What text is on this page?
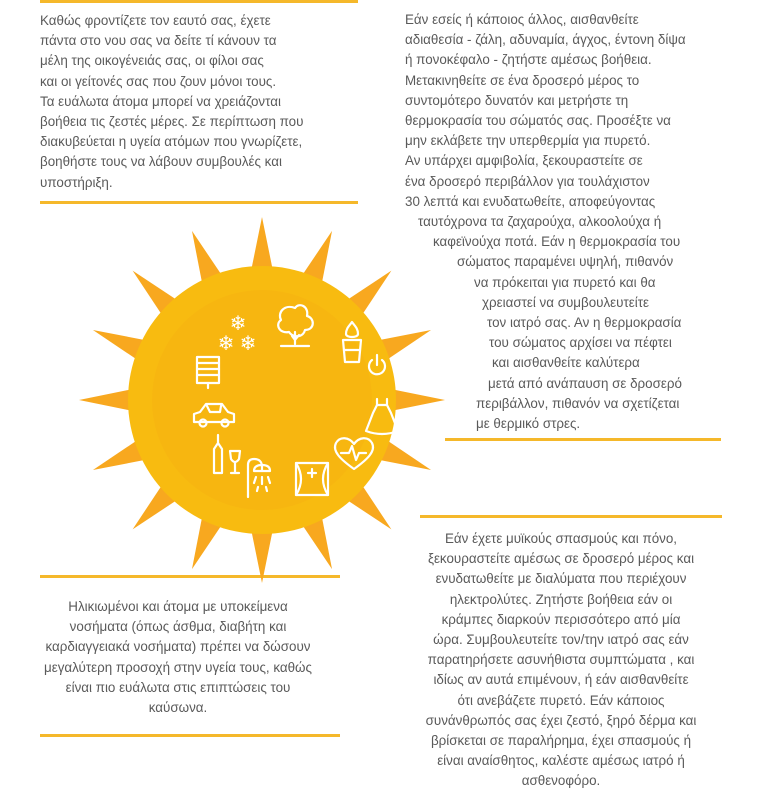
Καθώς φροντίζετε τον εαυτό σας, έχετε
πάντα στο νου σας να δείτε τί κάνουν τα
μέλη της οικογένειάς σας, οι φίλοι σας
και οι γείτονές σας που ζουν μόνοι τους.
Τα ευάλωτα άτομα μπορεί να χρειάζονται
βοήθεια τις ζεστές μέρες. Σε περίπτωση που
διακυβεύεται η υγεία ατόμων που γνωρίζετε,
βοηθήστε τους να λάβουν συμβουλές και
υποστήριξη.
Εάν εσείς ή κάποιος άλλος, αισθανθείτε
αδιαθεσία - ζάλη, αδυναμία, άγχος, έντονη δίψα
ή πονοκέφαλο - ζητήστε αμέσως βοήθεια.
Μετακινηθείτε σε ένα δροσερό μέρος το
συντομότερο δυνατόν και μετρήστε τη
θερμοκρασία του σώματός σας. Προσέξτε να
μην εκλάβετε την υπερθερμία για πυρετό.
Αν υπάρχει αμφιβολία, ξεκουραστείτε σε
ένα δροσερό περιβάλλον για τουλάχιστον
30 λεπτά και ενυδατωθείτε, αποφεύγοντας
ταυτόχρονα τα ζαχαρούχα, αλκοολούχα ή
καφεϊνούχα ποτά. Εάν η θερμοκρασία του
σώματος παραμένει υψηλή, πιθανόν
να πρόκειται για πυρετό και θα
χρειαστεί να συμβουλευτείτε
τον ιατρό σας. Αν η θερμοκρασία
του σώματος αρχίσει να πέφτει
και αισθανθείτε καλύτερα
μετά από ανάπαυση σε δροσερό
περιβάλλον, πιθανόν να σχετίζεται
με θερμικό στρες.
Ηλικιωμένοι και άτομα με υποκείμενα
νοσήματα (όπως άσθμα, διαβήτη και
καρδιαγγειακά νοσήματα) πρέπει να δώσουν
μεγαλύτερη προσοχή στην υγεία τους, καθώς
είναι πιο ευάλωτα στις επιπτώσεις του
καύσωνα.
Εάν έχετε μυϊκούς σπασμούς και πόνο,
ξεκουραστείτε αμέσως σε δροσερό μέρος και
ενυδατωθείτε με διαλύματα που περιέχουν
ηλεκτρολύτες. Ζητήστε βοήθεια εάν οι
κράμπες διαρκούν περισσότερο από μία
ώρα. Συμβουλευτείτε τον/την ιατρό σας εάν
παρατηρήσετε ασυνήθιστα συμπτώματα , και
ιδίως αν αυτά επιμένουν, ή εάν αισθανθείτε
ότι ανεβάζετε πυρετό. Εάν κάποιος
συνάνθρωπός σας έχει ζεστό, ξηρό δέρμα και
βρίσκεται σε παραλήρημα, έχει σπασμούς ή
είναι αναίσθητος, καλέστε αμέσως ιατρό ή
ασθενοφόρο.
❄
❄ ❄
